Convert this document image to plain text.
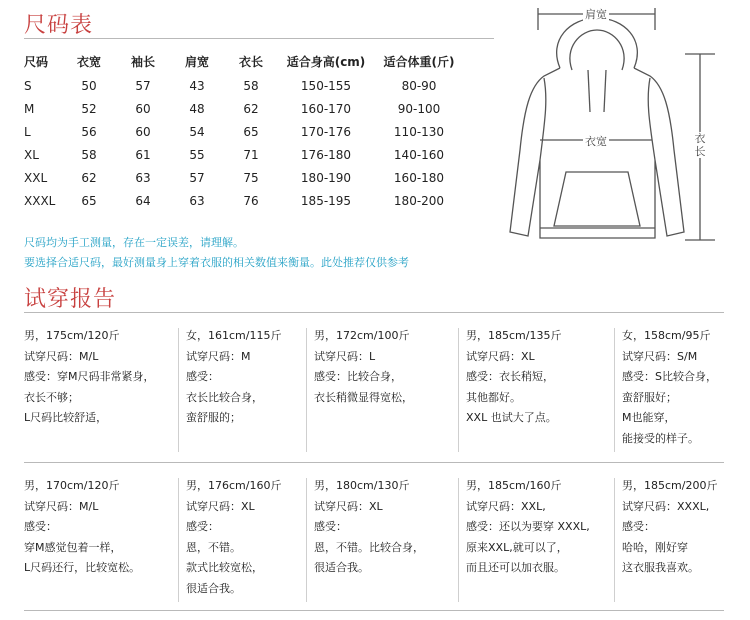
尺码表
尺码	衣宽	袖长	肩宽	衣长	适合身高(cm)	适合体重(斤)
S	50	57	43	58	150-155	80-90
M	52	60	48	62	160-170	90-100
L	56	60	54	65	170-176	110-130
XL	58	61	55	71	176-180	140-160
XXL	62	63	57	75	180-190	160-180
XXXL	65	64	63	76	185-195	180-200
尺码均为手工测量，存在一定误差，请理解。
要选择合适尺码，最好测量身上穿着衣服的相关数值来衡量。此处推荐仅供参考
肩宽
衣宽	衣
长
试穿报告
男，175cm/120斤
试穿尺码：M/L
感受：穿M尺码非常紧身，
衣长不够；
L尺码比较舒适，
女，161cm/115斤
试穿尺码：M
感受：
衣长比较合身，
蛮舒服的；
男，172cm/100斤
试穿尺码：L
感受：比较合身，
衣长稍微显得宽松，
男，185cm/135斤
试穿尺码：XL
感受：衣长稍短，
其他都好。
XXL 也试大了点。
女，158cm/95斤
试穿尺码：S/M
感受：S比较合身，
蛮舒服好；
M也能穿，
能接受的样子。
男，170cm/120斤
试穿尺码：M/L
感受：
穿M感觉包着一样，
L尺码还行，比较宽松。
男，176cm/160斤
试穿尺码：XL
感受：
恩，不错。
款式比较宽松，
很适合我。
男，180cm/130斤
试穿尺码：XL
感受：
恩，不错。比较合身，
很适合我。
男，185cm/160斤
试穿尺码：XXL,
感受：还以为要穿 XXXL,
原来XXL,就可以了，
而且还可以加衣服。
男，185cm/200斤
试穿尺码：XXXL,
感受：
哈哈，刚好穿
这衣服我喜欢。
